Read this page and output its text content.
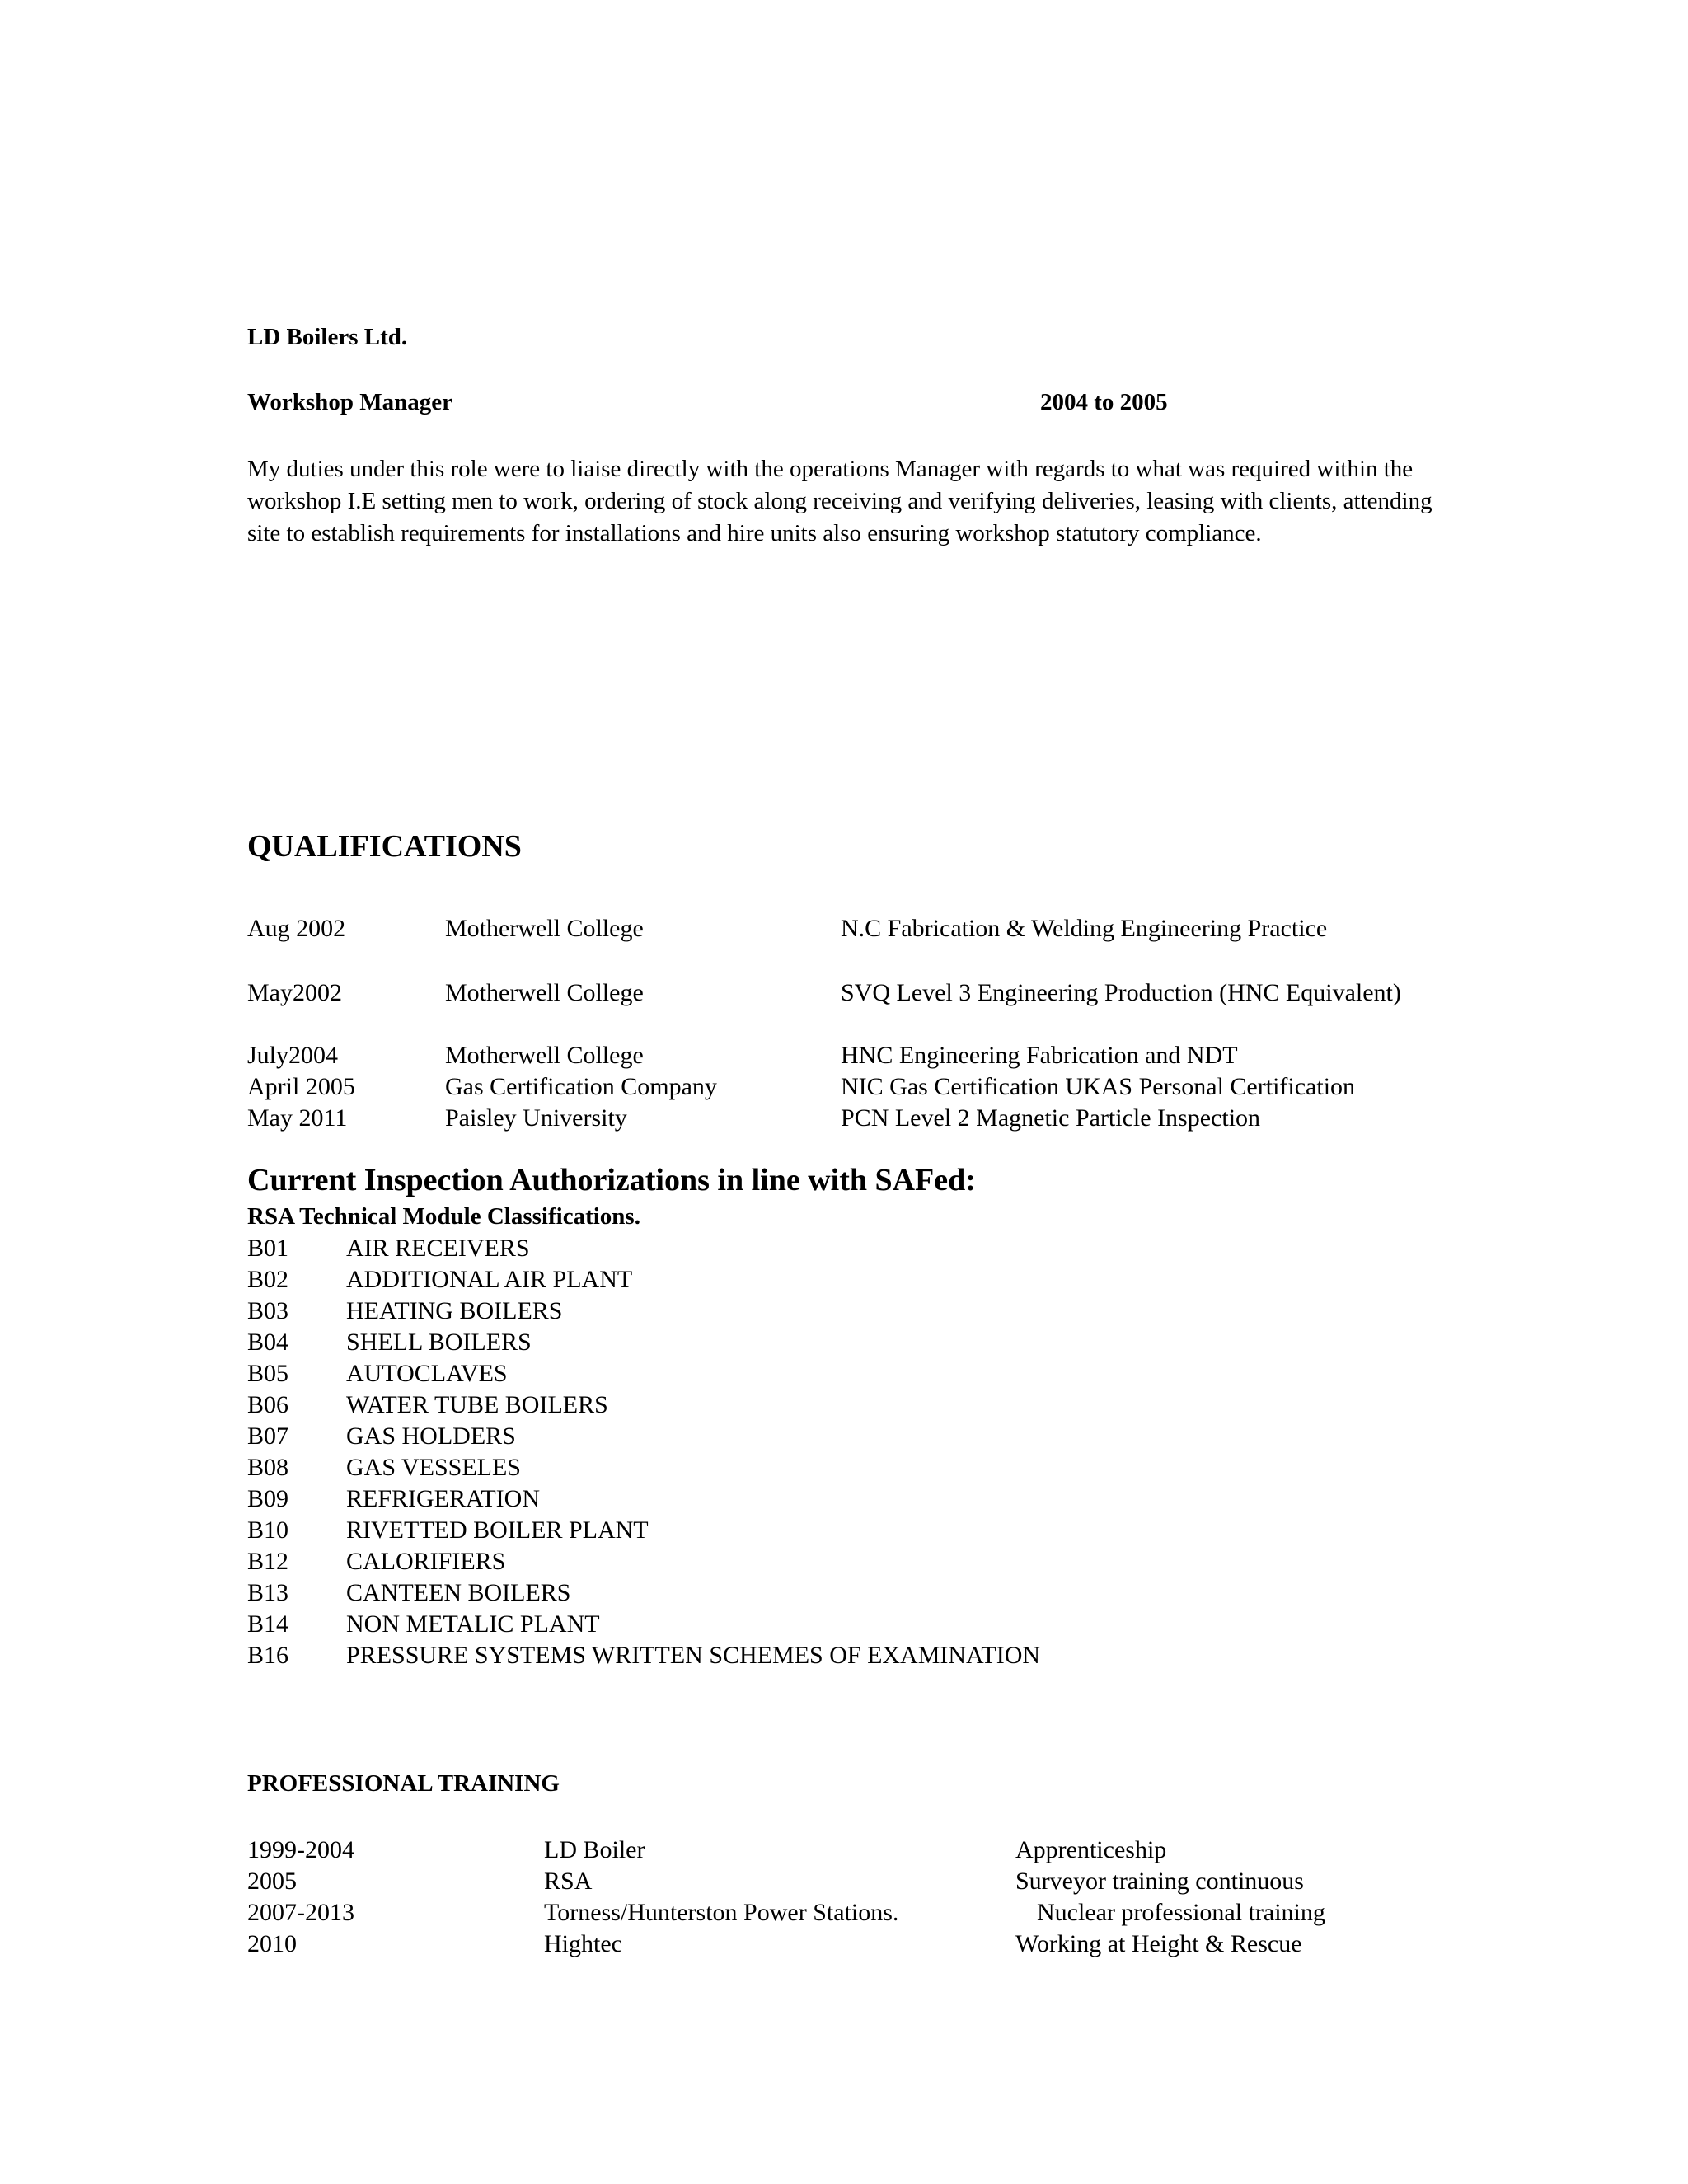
LD Boilers Ltd.
Workshop Manager	2004 to 2005
My duties under this role were to liaise directly with the operations Manager with regards to what was required within the workshop I.E setting men to work, ordering of stock along receiving and verifying deliveries, leasing with clients, attending site to establish requirements for installations and hire units also ensuring workshop statutory compliance.
QUALIFICATIONS
Aug 2002	Motherwell College	N.C Fabrication & Welding Engineering Practice
May2002	Motherwell College	SVQ Level 3 Engineering Production (HNC Equivalent)
July2004	Motherwell College	HNC Engineering Fabrication and NDT
April 2005	Gas Certification Company	NIC Gas Certification UKAS Personal Certification
May 2011	Paisley University	PCN Level 2 Magnetic Particle Inspection
Current Inspection Authorizations in line with SAFed:
RSA Technical Module Classifications.
B01 AIR RECEIVERS
B02 ADDITIONAL AIR PLANT
B03 HEATING BOILERS
B04 SHELL BOILERS
B05 AUTOCLAVES
B06 WATER TUBE BOILERS
B07 GAS HOLDERS
B08 GAS VESSELES
B09 REFRIGERATION
B10 RIVETTED BOILER PLANT
B12 CALORIFIERS
B13 CANTEEN BOILERS
B14 NON METALIC PLANT
B16 PRESSURE SYSTEMS WRITTEN SCHEMES OF EXAMINATION
PROFESSIONAL TRAINING
1999-2004	LD Boiler	Apprenticeship
2005	RSA	Surveyor training continuous
2007-2013	Torness/Hunterston Power Stations.	Nuclear professional training
2010	Hightec	Working at Height & Rescue
